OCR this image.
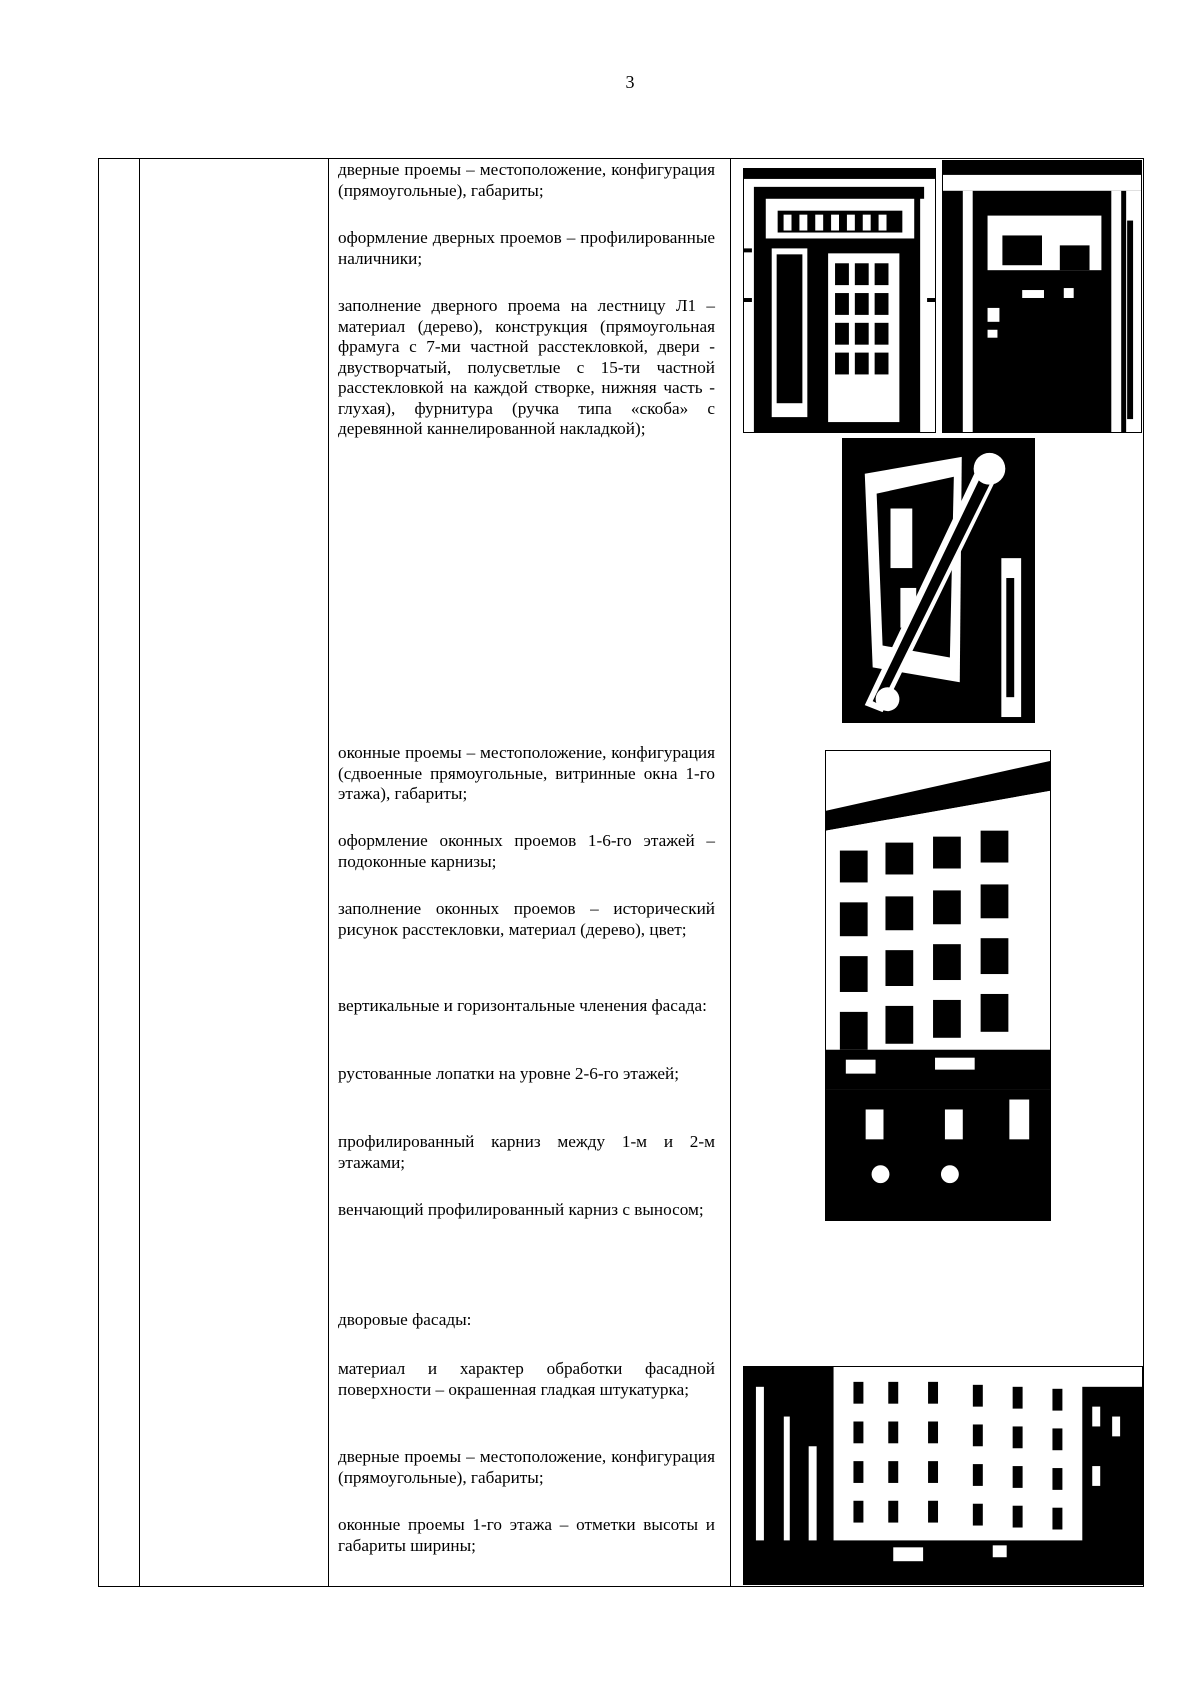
3

дверные проемы – местоположение, конфигурация (прямоугольные), габариты;

оформление дверных проемов – профилированные наличники;

заполнение дверного проема на лестницу Л1 – материал (дерево), конструкция (прямоугольная фрамуга с 7-ми частной расстекловкой, двери - двустворчатый, полусветлые с 15-ти частной расстекловкой на каждой створке, нижняя часть - глухая), фурнитура (ручка типа «скоба» с деревянной каннелированной накладкой);

оконные проемы – местоположение, конфигурация (сдвоенные прямоугольные, витринные окна 1-го этажа), габариты;

оформление оконных проемов 1-6-го этажей – подоконные карнизы;

заполнение оконных проемов – исторический рисунок расстекловки, материал (дерево), цвет;

вертикальные и горизонтальные членения фасада:

рустованные лопатки на уровне 2-6-го этажей;

профилированный карниз между 1-м и 2-м этажами;

венчающий профилированный карниз с выносом;

дворовые фасады:

материал и характер обработки фасадной поверхности – окрашенная гладкая штукатурка;

дверные проемы – местоположение, конфигурация (прямоугольные), габариты;

оконные проемы 1-го этажа – отметки высоты и габариты ширины;
